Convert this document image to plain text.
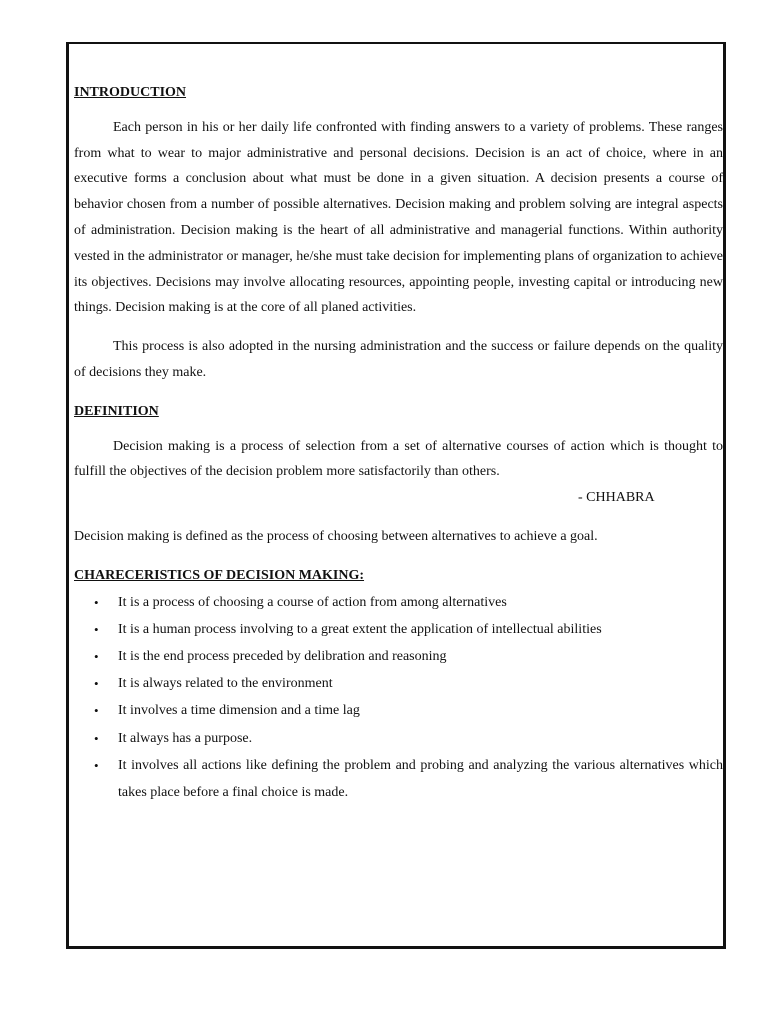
INTRODUCTION

Each person in his or her daily life confronted with finding answers to a variety of problems. These ranges from what to wear to major administrative and personal decisions. Decision is an act of choice, where in an executive forms a conclusion about what must be done in a given situation. A decision presents a course of behavior chosen from a number of possible alternatives. Decision making and problem solving are integral aspects of administration. Decision making is the heart of all administrative and managerial functions. Within authority vested in the administrator or manager, he/she must take decision for implementing plans of organization to achieve its objectives. Decisions may involve allocating resources, appointing people, investing capital or introducing new things. Decision making is at the core of all planed activities.

This process is also adopted in the nursing administration and the success or failure depends on the quality of decisions they make.

DEFINITION

Decision making is a process of selection from a set of alternative courses of action which is thought to fulfill the objectives of the decision problem more satisfactorily than others.

- CHHABRA

Decision making is defined as the process of choosing between alternatives to achieve a goal.

CHARECERISTICS OF DECISION MAKING:

• It is a process of choosing a course of action from among alternatives
• It is a human process involving to a great extent the application of intellectual abilities
• It is the end process preceded by delibration and reasoning
• It is always related to the environment
• It involves a time dimension and a time lag
• It always has a purpose.
• It involves all actions like defining the problem and probing and analyzing the various alternatives which takes place before a final choice is made.
